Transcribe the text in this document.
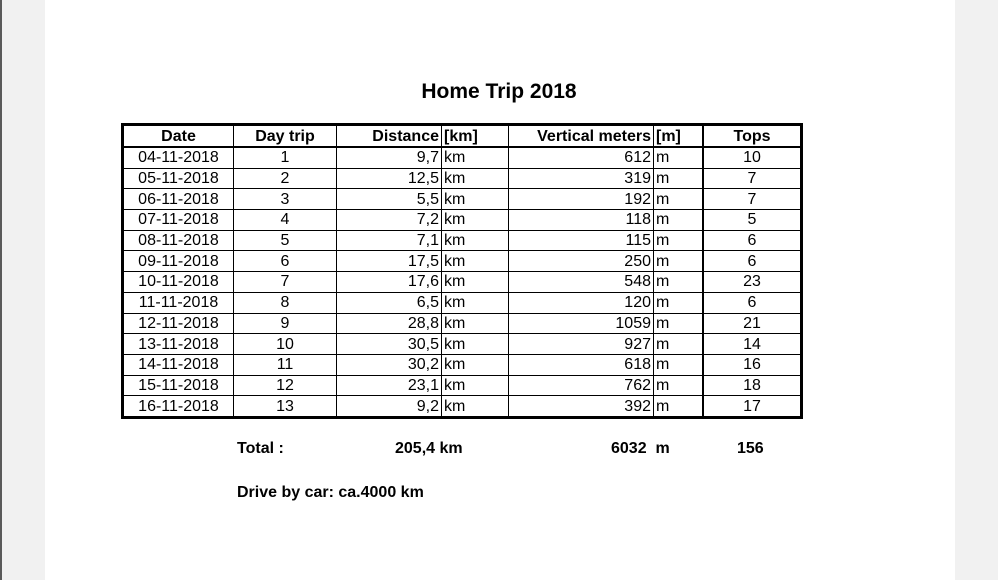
Home Trip 2018
Date	Day trip	Distance	[km]	Vertical meters	[m]	Tops
04-11-2018	1	9,7	km	612	m	10
05-11-2018	2	12,5	km	319	m	7
06-11-2018	3	5,5	km	192	m	7
07-11-2018	4	7,2	km	118	m	5
08-11-2018	5	7,1	km	115	m	6
09-11-2018	6	17,5	km	250	m	6
10-11-2018	7	17,6	km	548	m	23
11-11-2018	8	6,5	km	120	m	6
12-11-2018	9	28,8	km	1059	m	21
13-11-2018	10	30,5	km	927	m	14
14-11-2018	11	30,2	km	618	m	16
15-11-2018	12	23,1	km	762	m	18
16-11-2018	13	9,2	km	392	m	17
Total :	205,4 km	6032  m	156
Drive by car: ca.4000 km
